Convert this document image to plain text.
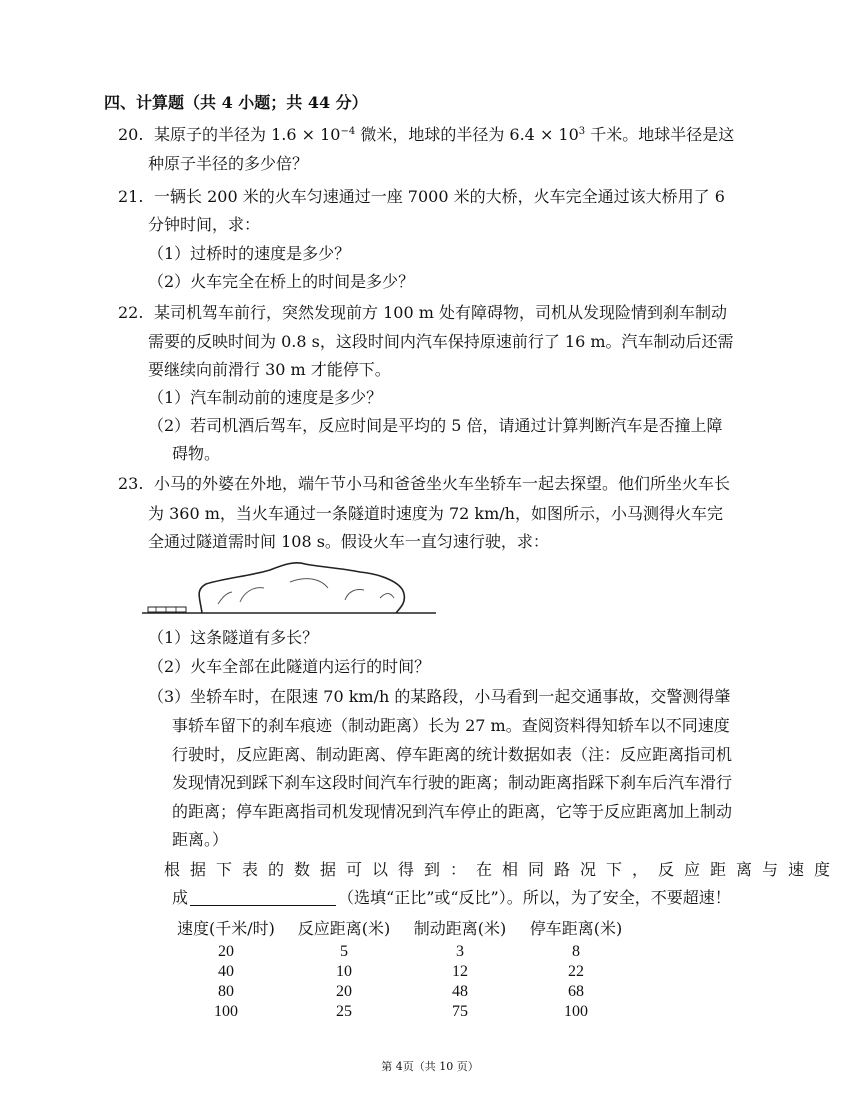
四、计算题（共 4 小题；共 44 分）
20. 某原子的半径为 $1.6 \times 10^{-4}$ 微米，地球的半径为 $6.4 \times 10^3$ 千米。地球半径是这
种原子半径的多少倍？
21. 一辆长 200 米的火车匀速通过一座 7000 米的大桥，火车完全通过该大桥用了 6
分钟时间，求：
（1）过桥时的速度是多少？
（2）火车完全在桥上的时间是多少？
22. 某司机驾车前行，突然发现前方 100 m 处有障碍物，司机从发现险情到刹车制动
需要的反映时间为 0.8 s，这段时间内汽车保持原速前行了 16 m。汽车制动后还需
要继续向前滑行 30 m 才能停下。
（1）汽车制动前的速度是多少？
（2）若司机酒后驾车，反应时间是平均的 5 倍，请通过计算判断汽车是否撞上障
碍物。
23. 小马的外婆在外地，端午节小马和爸爸坐火车坐轿车一起去探望。他们所坐火车长
为 360 m，当火车通过一条隧道时速度为 72 km/h，如图所示，小马测得火车完
全通过隧道需时间 108 s。假设火车一直匀速行驶，求：
（1）这条隧道有多长？
（2）火车全部在此隧道内运行的时间？
（3）坐轿车时，在限速 70 km/h 的某路段，小马看到一起交通事故，交警测得肇
事轿车留下的刹车痕迹（制动距离）长为 27 m。查阅资料得知轿车以不同速度
行驶时，反应距离、制动距离、停车距离的统计数据如表（注：反应距离指司机
发现情况到踩下刹车这段时间汽车行驶的距离；制动距离指踩下刹车后汽车滑行
的距离；停车距离指司机发现情况到汽车停止的距离，它等于反应距离加上制动
距离。）
根据下表的数据可以得到：在相同路况下，反应距离与速度
成	（选填“正比”或“反比”）。所以，为了安全，不要超速！
速度(千米/时)	反应距离(米)	制动距离(米)	停车距离(米)
20	5	3	8
40	10	12	22
80	20	48	68
100	25	75	100
第 4页（共 10 页）
